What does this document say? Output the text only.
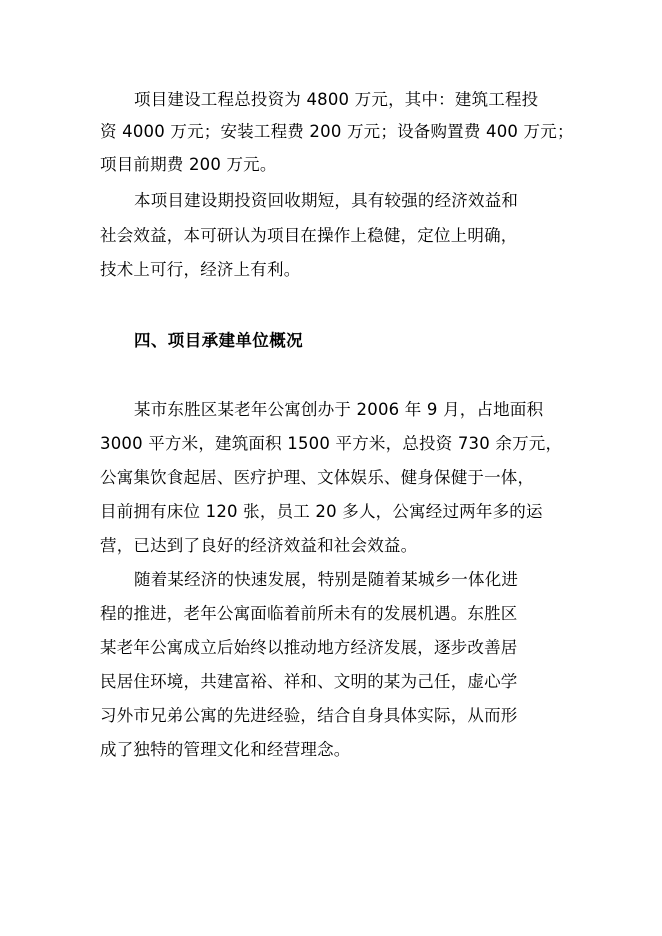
项目建设工程总投资为 4800 万元，其中：建筑工程投
资 4000 万元；安装工程费 200 万元；设备购置费 400 万元；
项目前期费 200 万元。
本项目建设期投资回收期短，具有较强的经济效益和
社会效益，本可研认为项目在操作上稳健，定位上明确，
技术上可行，经济上有利。
四、项目承建单位概况
某市东胜区某老年公寓创办于 2006 年 9 月，占地面积
3000 平方米，建筑面积 1500 平方米，总投资 730 余万元，
公寓集饮食起居、医疗护理、文体娱乐、健身保健于一体，
目前拥有床位 120 张，员工 20 多人，公寓经过两年多的运
营，已达到了良好的经济效益和社会效益。
随着某经济的快速发展，特别是随着某城乡一体化进
程的推进，老年公寓面临着前所未有的发展机遇。东胜区
某老年公寓成立后始终以推动地方经济发展，逐步改善居
民居住环境，共建富裕、祥和、文明的某为己任，虚心学
习外市兄弟公寓的先进经验，结合自身具体实际，从而形
成了独特的管理文化和经营理念。
